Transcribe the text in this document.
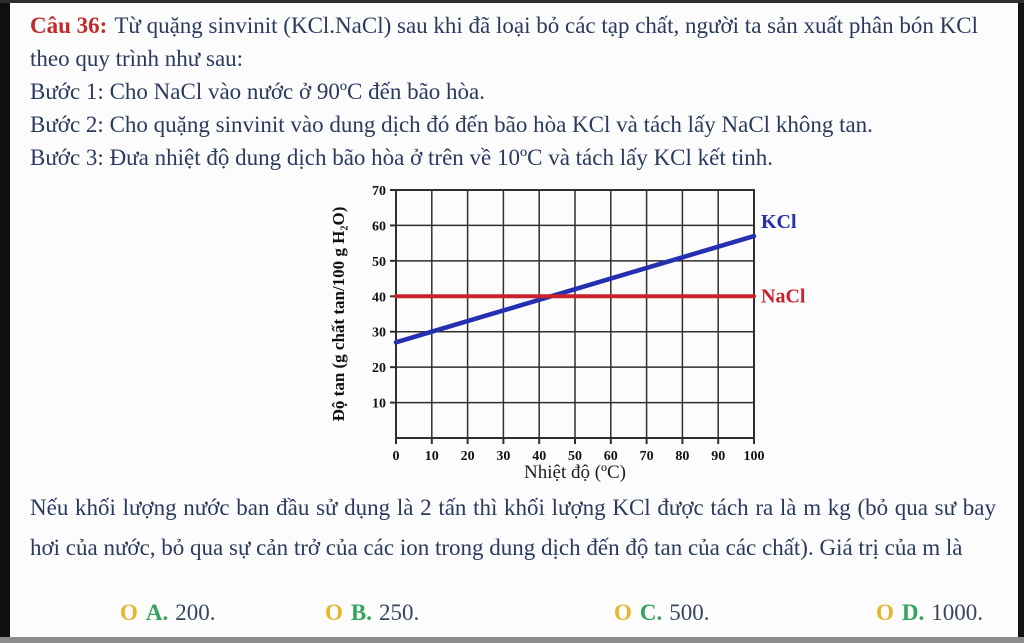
Câu 36: Từ quặng sinvinit (KCl.NaCl) sau khi đã loại bỏ các tạp chất, người ta sản xuất phân bón KCl theo quy trình như sau:

Bước 1: Cho NaCl vào nước ở 90ºC đến bão hòa.

Bước 2: Cho quặng sinvinit vào dung dịch đó đến bão hòa KCl và tách lấy NaCl không tan.

Bước 3: Đưa nhiệt độ dung dịch bão hòa ở trên về 10ºC và tách lấy KCl kết tinh.

0 10 20 30 40 50 60 70 80 90 100
10
20
30
40
50
60
70
KCl
NaCl
Nhiệt độ (ºC)
Độ tan (g chất tan/100 g H₂O)

Nếu khối lượng nước ban đầu sử dụng là 2 tấn thì khối lượng KCl được tách ra là m kg (bỏ qua sư bay hơi của nước, bỏ qua sự cản trở của các ion trong dung dịch đến độ tan của các chất). Giá trị của m là

O A. 200.	O B. 250.	O C. 500.	O D. 1000.
